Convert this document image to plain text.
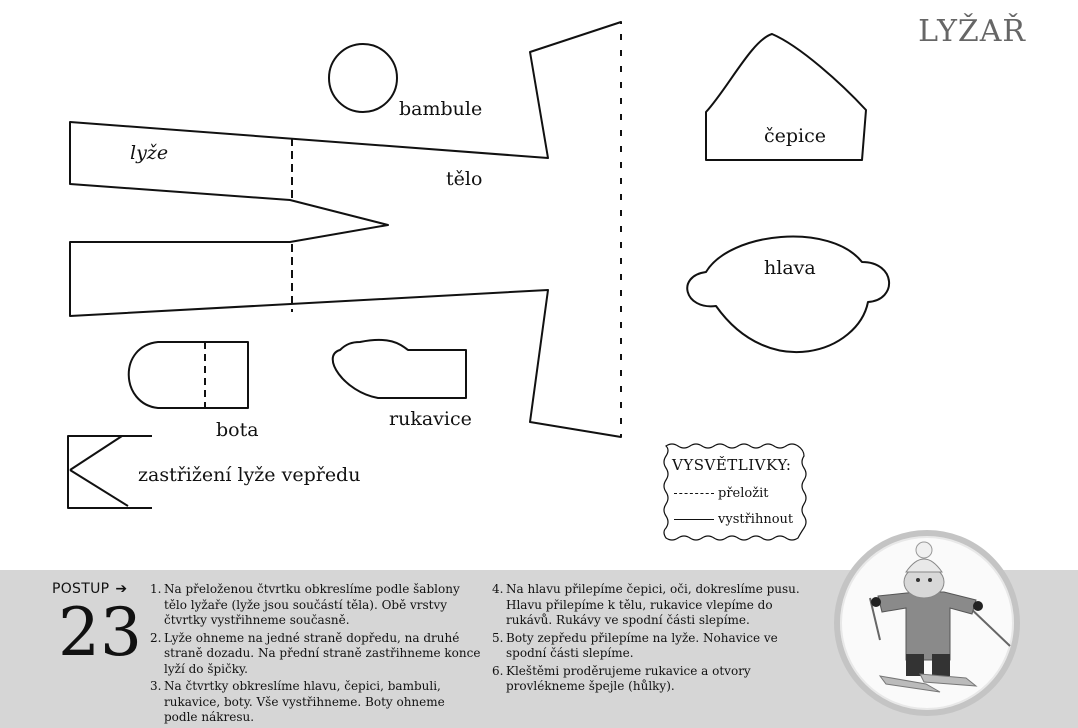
LYŽAŘ
bambule
lyže
tělo
čepice
hlava
bota	rukavice
zastřižení lyže vepředu	VYSVĚTLIVKY:
přeložit
vystřihnout
POSTUP ➔
23
1. Na přeloženou čtvrtku obkreslíme podle šablony tělo lyžaře (lyže jsou součástí těla). Obě vrstvy čtvrtky vystřihneme současně.
2. Lyže ohneme na jedné straně dopředu, na druhé straně dozadu. Na přední straně zastřihneme konce lyží do špičky.
3. Na čtvrtky obkreslíme hlavu, čepici, bambuli, rukavice, boty. Vše vystřihneme. Boty ohneme podle nákresu.
4. Na hlavu přilepíme čepici, oči, dokreslíme pusu. Hlavu přilepíme k tělu, rukavice vlepíme do rukávů. Rukávy ve spodní části slepíme.
5. Boty zepředu přilepíme na lyže. Nohavice ve spodní části slepíme.
6. Kleštěmi proděrujeme rukavice a otvory provlékneme špejle (hůlky).
